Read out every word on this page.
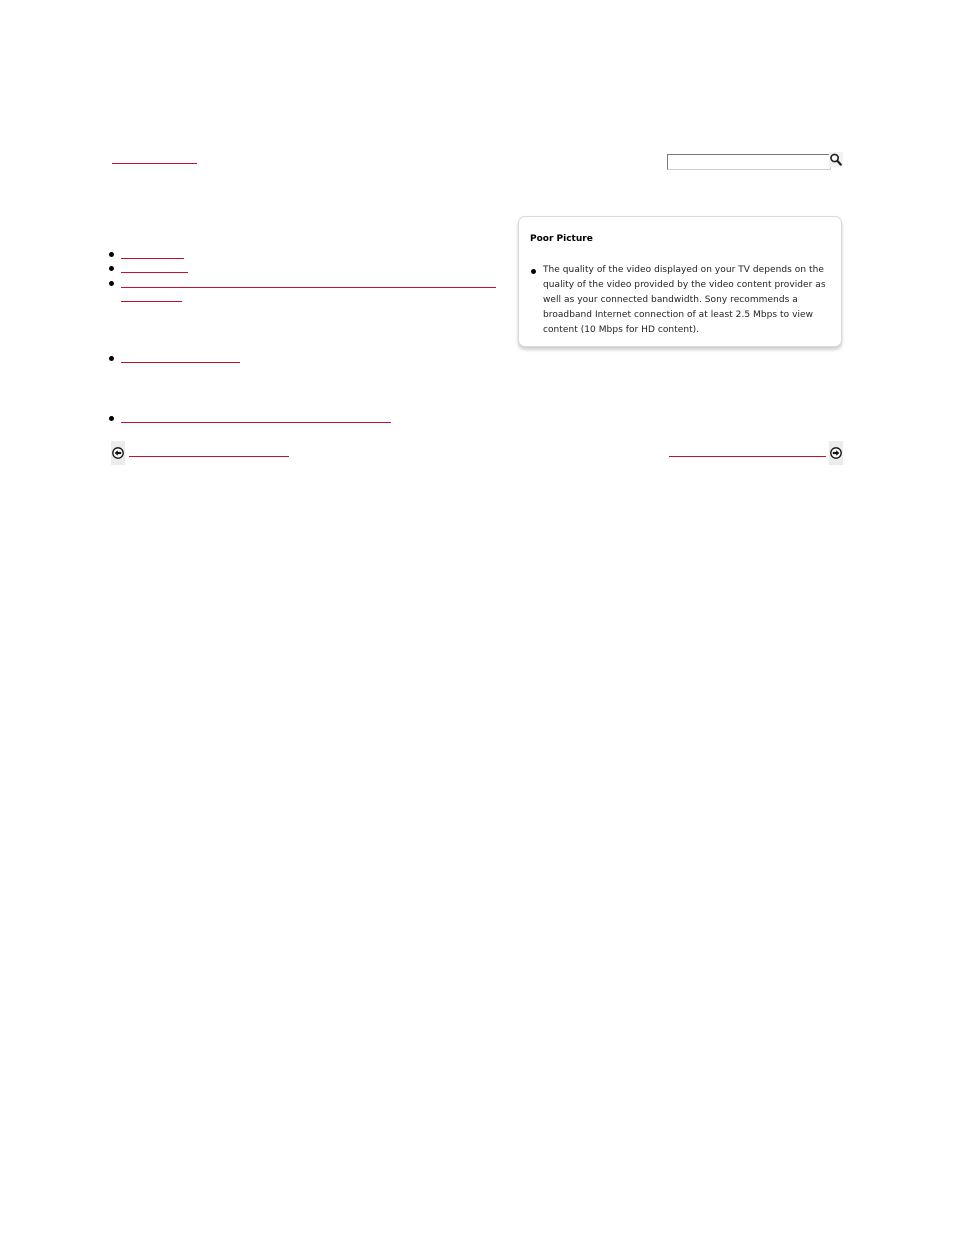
Poor Picture
The quality of the video displayed on your TV depends on the quality of the video provided by the video content provider as well as your connected bandwidth. Sony recommends a broadband Internet connection of at least 2.5 Mbps to view content (10 Mbps for HD content).
